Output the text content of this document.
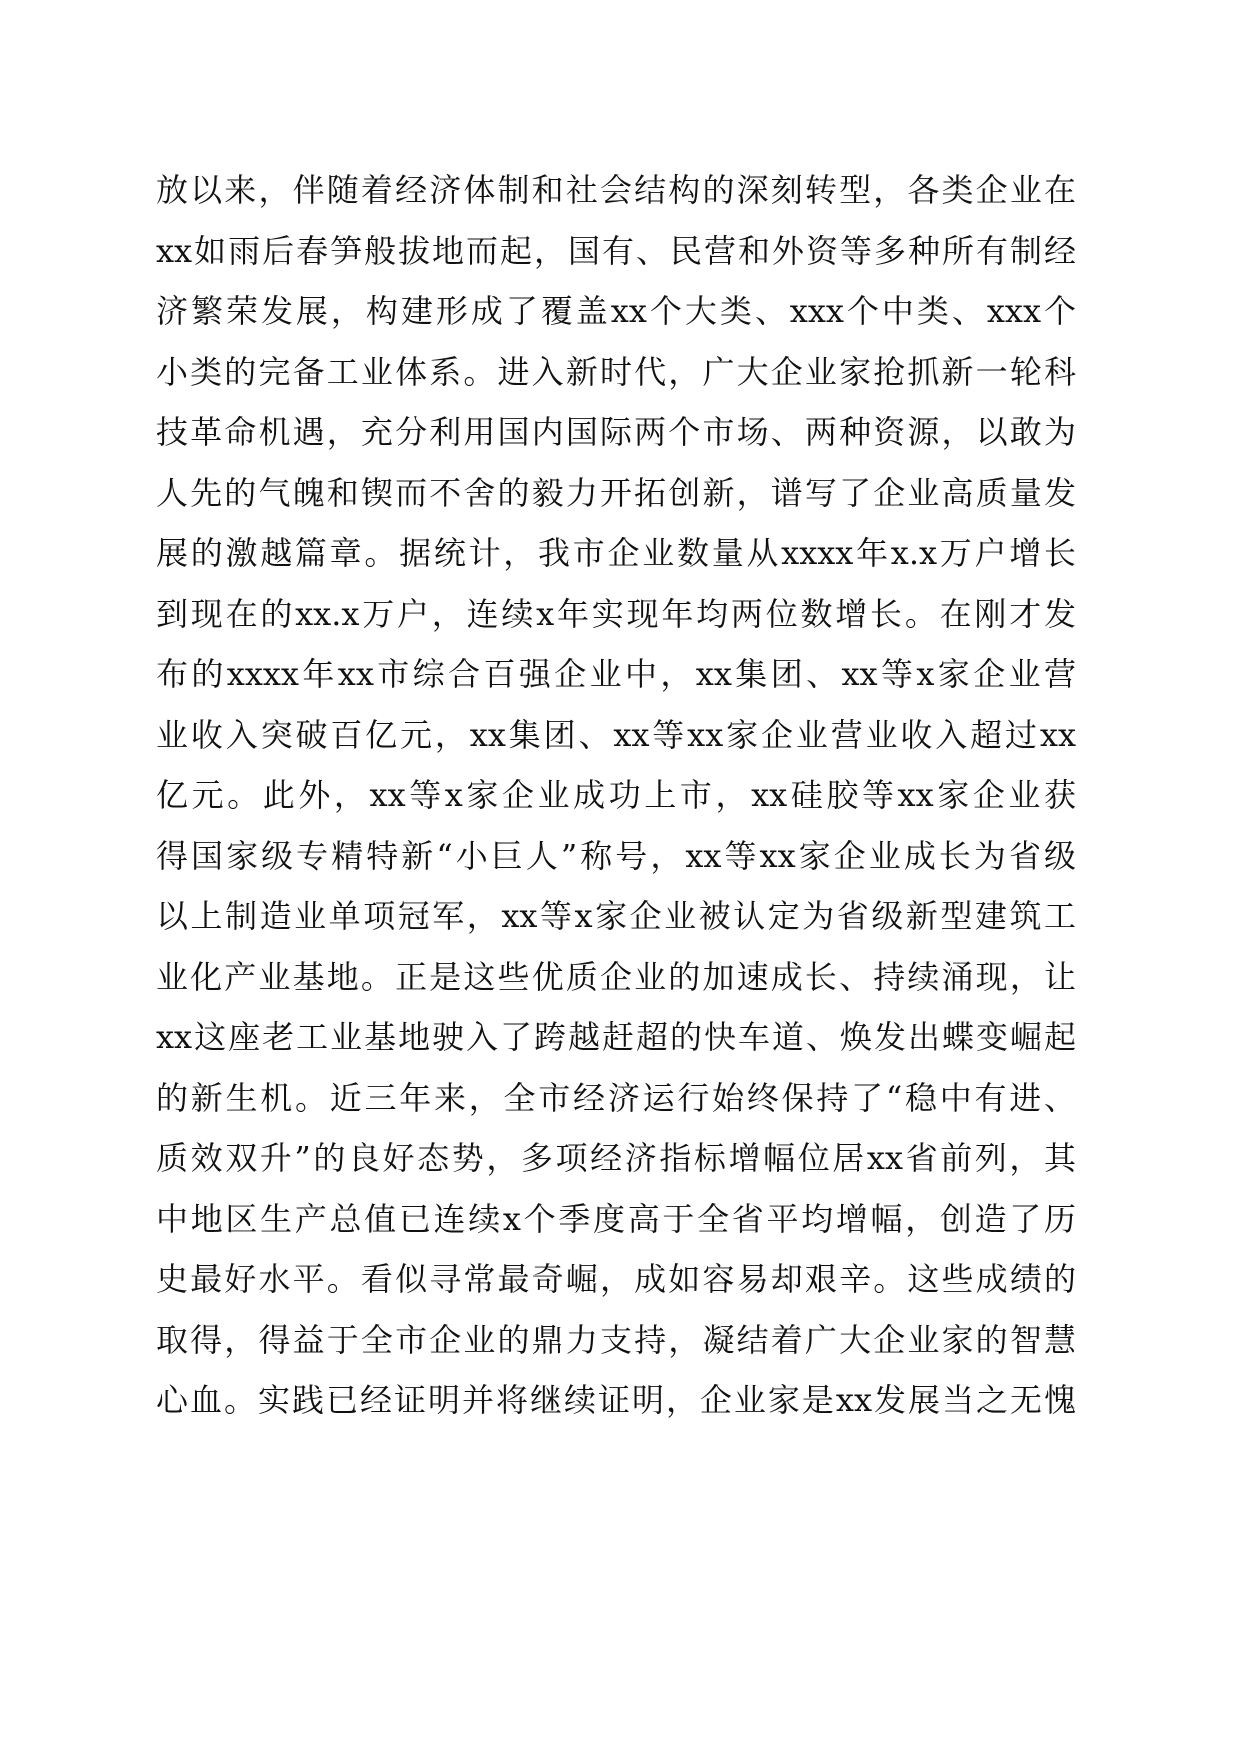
放以来，伴随着经济体制和社会结构的深刻转型，各类企业在
xx如雨后春笋般拔地而起，国有、民营和外资等多种所有制经
济繁荣发展，构建形成了覆盖xx个大类、xxx个中类、xxx个
小类的完备工业体系。进入新时代，广大企业家抢抓新一轮科
技革命机遇，充分利用国内国际两个市场、两种资源，以敢为
人先的气魄和锲而不舍的毅力开拓创新，谱写了企业高质量发
展的激越篇章。据统计，我市企业数量从xxxx年x.x万户增长
到现在的xx.x万户，连续x年实现年均两位数增长。在刚才发
布的xxxx年xx市综合百强企业中，xx集团、xx等x家企业营
业收入突破百亿元，xx集团、xx等xx家企业营业收入超过xx
亿元。此外，xx等x家企业成功上市，xx硅胶等xx家企业获
得国家级专精特新“小巨人”称号，xx等xx家企业成长为省级
以上制造业单项冠军，xx等x家企业被认定为省级新型建筑工
业化产业基地。正是这些优质企业的加速成长、持续涌现，让
xx这座老工业基地驶入了跨越赶超的快车道、焕发出蝶变崛起
的新生机。近三年来，全市经济运行始终保持了“稳中有进、
质效双升”的良好态势，多项经济指标增幅位居xx省前列，其
中地区生产总值已连续x个季度高于全省平均增幅，创造了历
史最好水平。看似寻常最奇崛，成如容易却艰辛。这些成绩的
取得，得益于全市企业的鼎力支持，凝结着广大企业家的智慧
心血。实践已经证明并将继续证明，企业家是xx发展当之无愧
